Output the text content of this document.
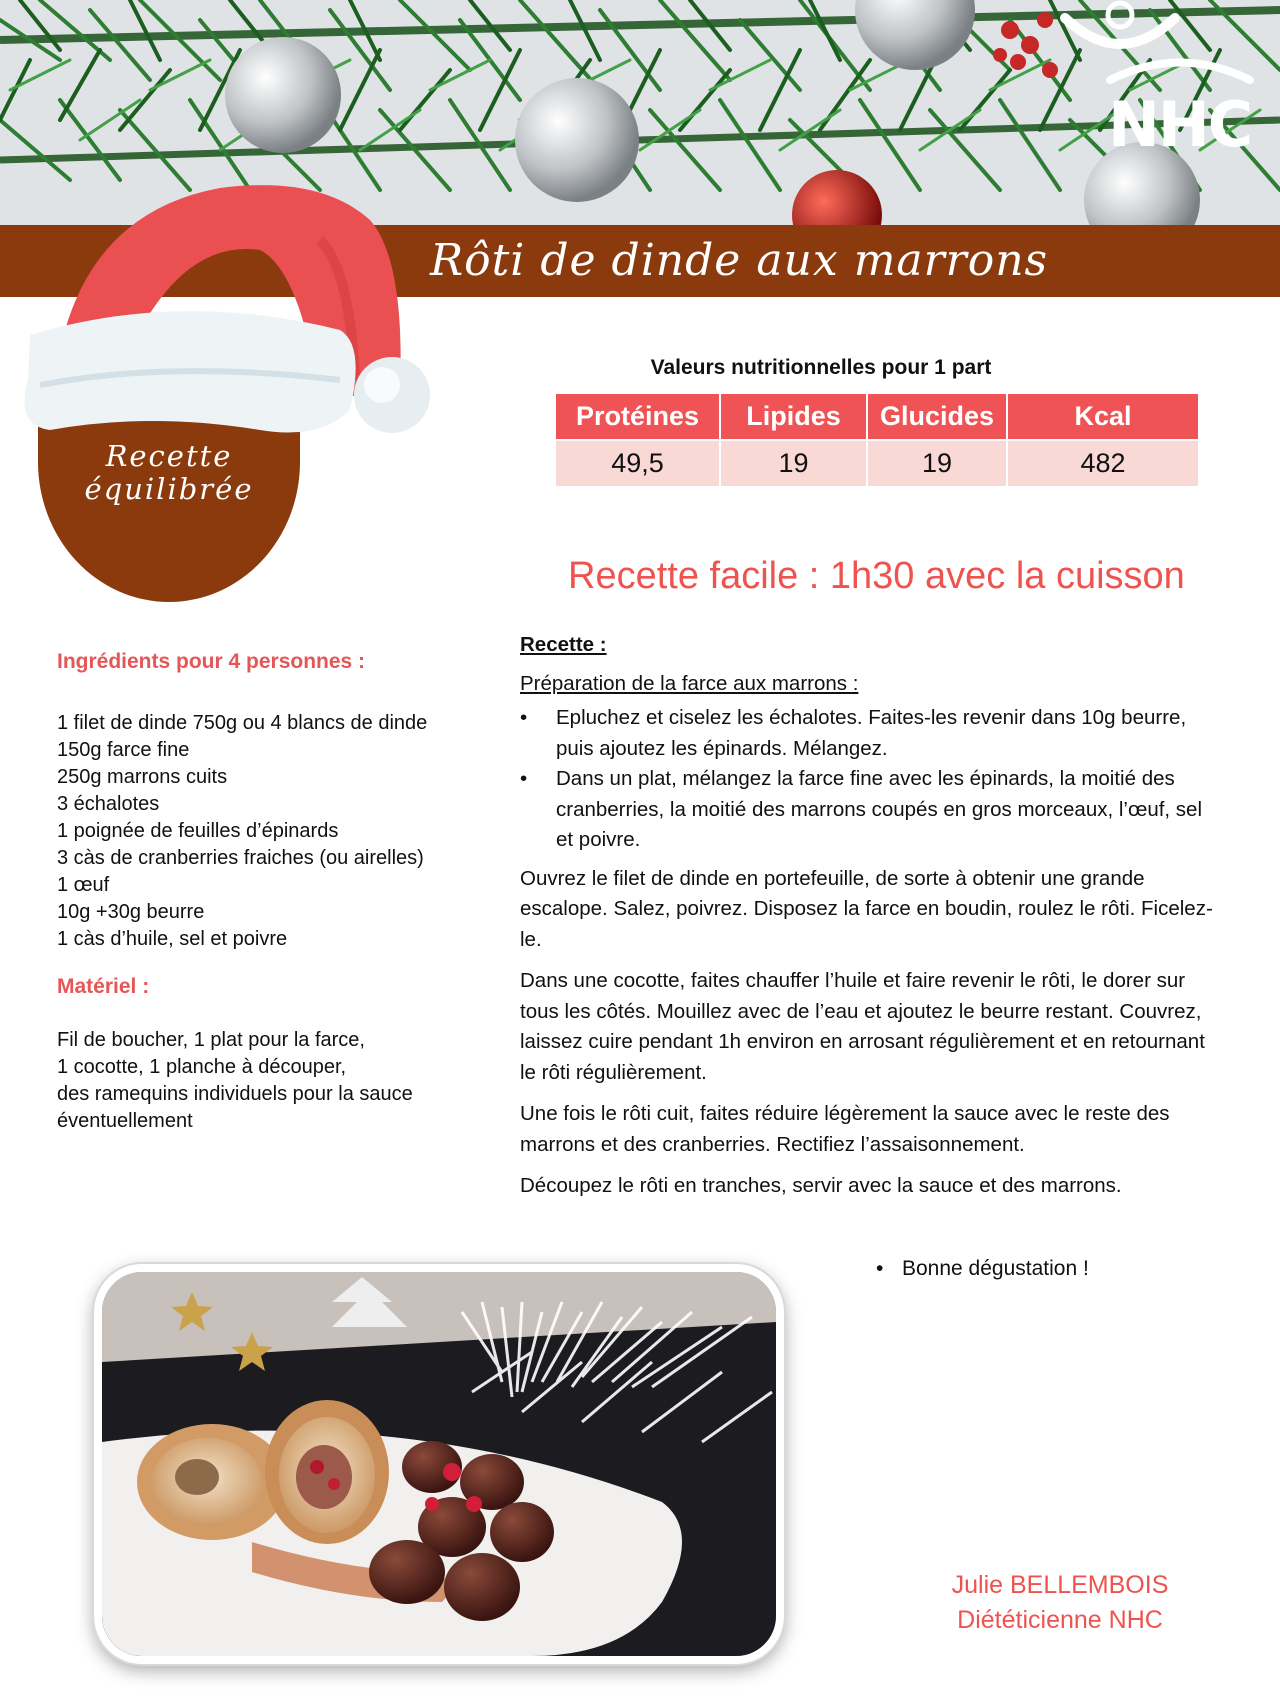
NHC
Rôti de dinde aux marrons
Recette
équilibrée
Valeurs nutritionnelles pour 1 part
Protéines	Lipides	Glucides	Kcal
49,5	19	19	482
Recette facile : 1h30 avec la cuisson
Ingrédients pour 4 personnes :
1 filet de dinde 750g ou 4 blancs de dinde
150g farce fine
250g marrons cuits
3 échalotes
1 poignée de feuilles d’épinards
3 càs de cranberries fraiches (ou airelles)
1 œuf
10g +30g beurre
1 càs d’huile, sel et poivre
Matériel :
Fil de boucher, 1 plat pour la farce,
1 cocotte, 1 planche à découper,
des ramequins individuels pour la sauce
éventuellement
Recette :
Préparation de la farce aux marrons :
• Epluchez et ciselez les échalotes. Faites-les revenir dans 10g beurre, puis ajoutez les épinards. Mélangez.
• Dans un plat, mélangez la farce fine avec les épinards, la moitié des cranberries, la moitié des marrons coupés en gros morceaux, l’œuf, sel et poivre.

Ouvrez le filet de dinde en portefeuille, de sorte à obtenir une grande escalope. Salez, poivrez. Disposez la farce en boudin, roulez le rôti. Ficelez-le.

Dans une cocotte, faites chauffer l’huile et faire revenir le rôti, le dorer sur tous les côtés. Mouillez avec de l’eau et ajoutez le beurre restant. Couvrez, laissez cuire pendant 1h environ en arrosant régulièrement et en retournant le rôti régulièrement.

Une fois le rôti cuit, faites réduire légèrement la sauce avec le reste des marrons et des cranberries. Rectifiez l’assaisonnement.

Découpez le rôti en tranches, servir avec la sauce et des marrons.

• Bonne dégustation !
Julie BELLEMBOIS
Diététicienne NHC
